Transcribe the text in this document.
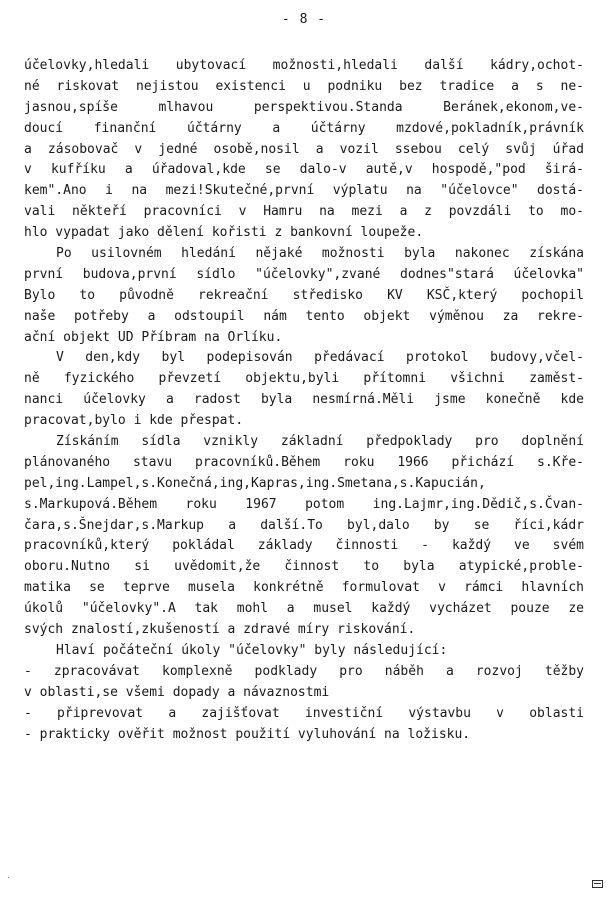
- 8 -
účelovky,hledali ubytovací možnosti,hledali další kádry,ochot-
né riskovat nejistou existenci u podniku bez tradice a s ne-
jasnou,spíše mlhavou perspektivou.Standa Beránek,ekonom,ve-
doucí finanční účtárny a účtárny mzdové,pokladník,právník
a zásobovač v jedné osobě,nosil a vozil ssebou celý svůj úřad
v kufříku a úřadoval,kde se dalo-v autě,v hospodě,"pod širá-
kem".Ano i na mezi!Skutečné,první výplatu na "účelovce" dostá-
vali někteří pracovníci v Hamru na mezi a z povzdáli to mo-
hlo vypadat jako dělení kořisti z bankovní loupeže.
Po usilovném hledání nějaké možnosti byla nakonec získána
první budova,první sídlo "účelovky",zvané dodnes"stará účelovka"
Bylo to původně rekreační středisko KV KSČ,který pochopil
naše potřeby a odstoupil nám tento objekt výměnou za rekre-
ační objekt UD Příbram na Orlíku.
V den,kdy byl podepisován předávací protokol budovy,včel-
ně fyzického převzetí objektu,byli přítomni všichni zaměst-
nanci účelovky a radost byla nesmírná.Měli jsme konečně kde
pracovat,bylo i kde přespat.
Získáním sídla vznikly základní předpoklady pro doplnění
plánovaného stavu pracovníků.Během roku 1966 přichází s.Křе-
pel,ing.Lampel,s.Konečná,ing,Kapras,ing.Smetana,s.Kapucián,
s.Markupová.Během roku 1967 potom ing.Lajmr,ing.Dědič,s.Čvan-
čara,s.Šnejdar,s.Markup a další.To byl,dalo by se říci,kádr
pracovníků,který pokládal základy činnosti - každý ve svém
oboru.Nutno si uvědomit,že činnost to byla atypické,proble-
matika se teprve musela konkrétně formulovat v rámci hlavních
úkolů "účelovky".A tak mohl a musel každý vycházet pouze ze
svých znalostí,zkušeností a zdravé míry riskování.
Hlaví počáteční úkoly "účelovky" byly následující:
- zpracovávat komplexně podklady pro náběh a rozvoj těžby
v oblasti,se všemi dopady a návaznostmi
- připrevovat a zajišťovat investiční výstavbu v oblasti
- prakticky ověřit možnost použití vyluhování na ložisku.
